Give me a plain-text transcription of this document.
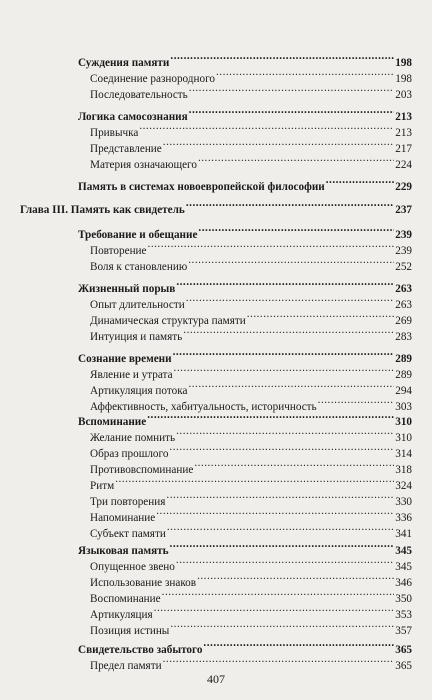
Суждения памяти .....	198
Соединение разнородного .....	198
Последовательность .....	203
Логика самосознания .....	213
Привычка .....	213
Представление .....	217
Материя означающего .....	224
Память в системах новоевропейской философии .....	229
Глава III. Память как свидетель .....	237
Требование и обещание .....	239
Повторение .....	239
Воля к становлению .....	252
Жизненный порыв .....	263
Опыт длительности .....	263
Динамическая структура памяти .....	269
Интуиция и память .....	283
Сознание времени .....	289
Явление и утрата .....	289
Артикуляция потока .....	294
Аффективность, хабитуальность, историчность .....	303
Вспоминание .....	310
Желание помнить .....	310
Образ прошлого .....	314
Противовспоминание .....	318
Ритм .....	324
Три повторения .....	330
Напоминание .....	336
Субъект памяти .....	341
Языковая память .....	345
Опущенное звено .....	345
Использование знаков .....	346
Воспоминание .....	350
Артикуляция .....	353
Позиция истины .....	357
Свидетельство забытого .....	365
Предел памяти .....	365
407
